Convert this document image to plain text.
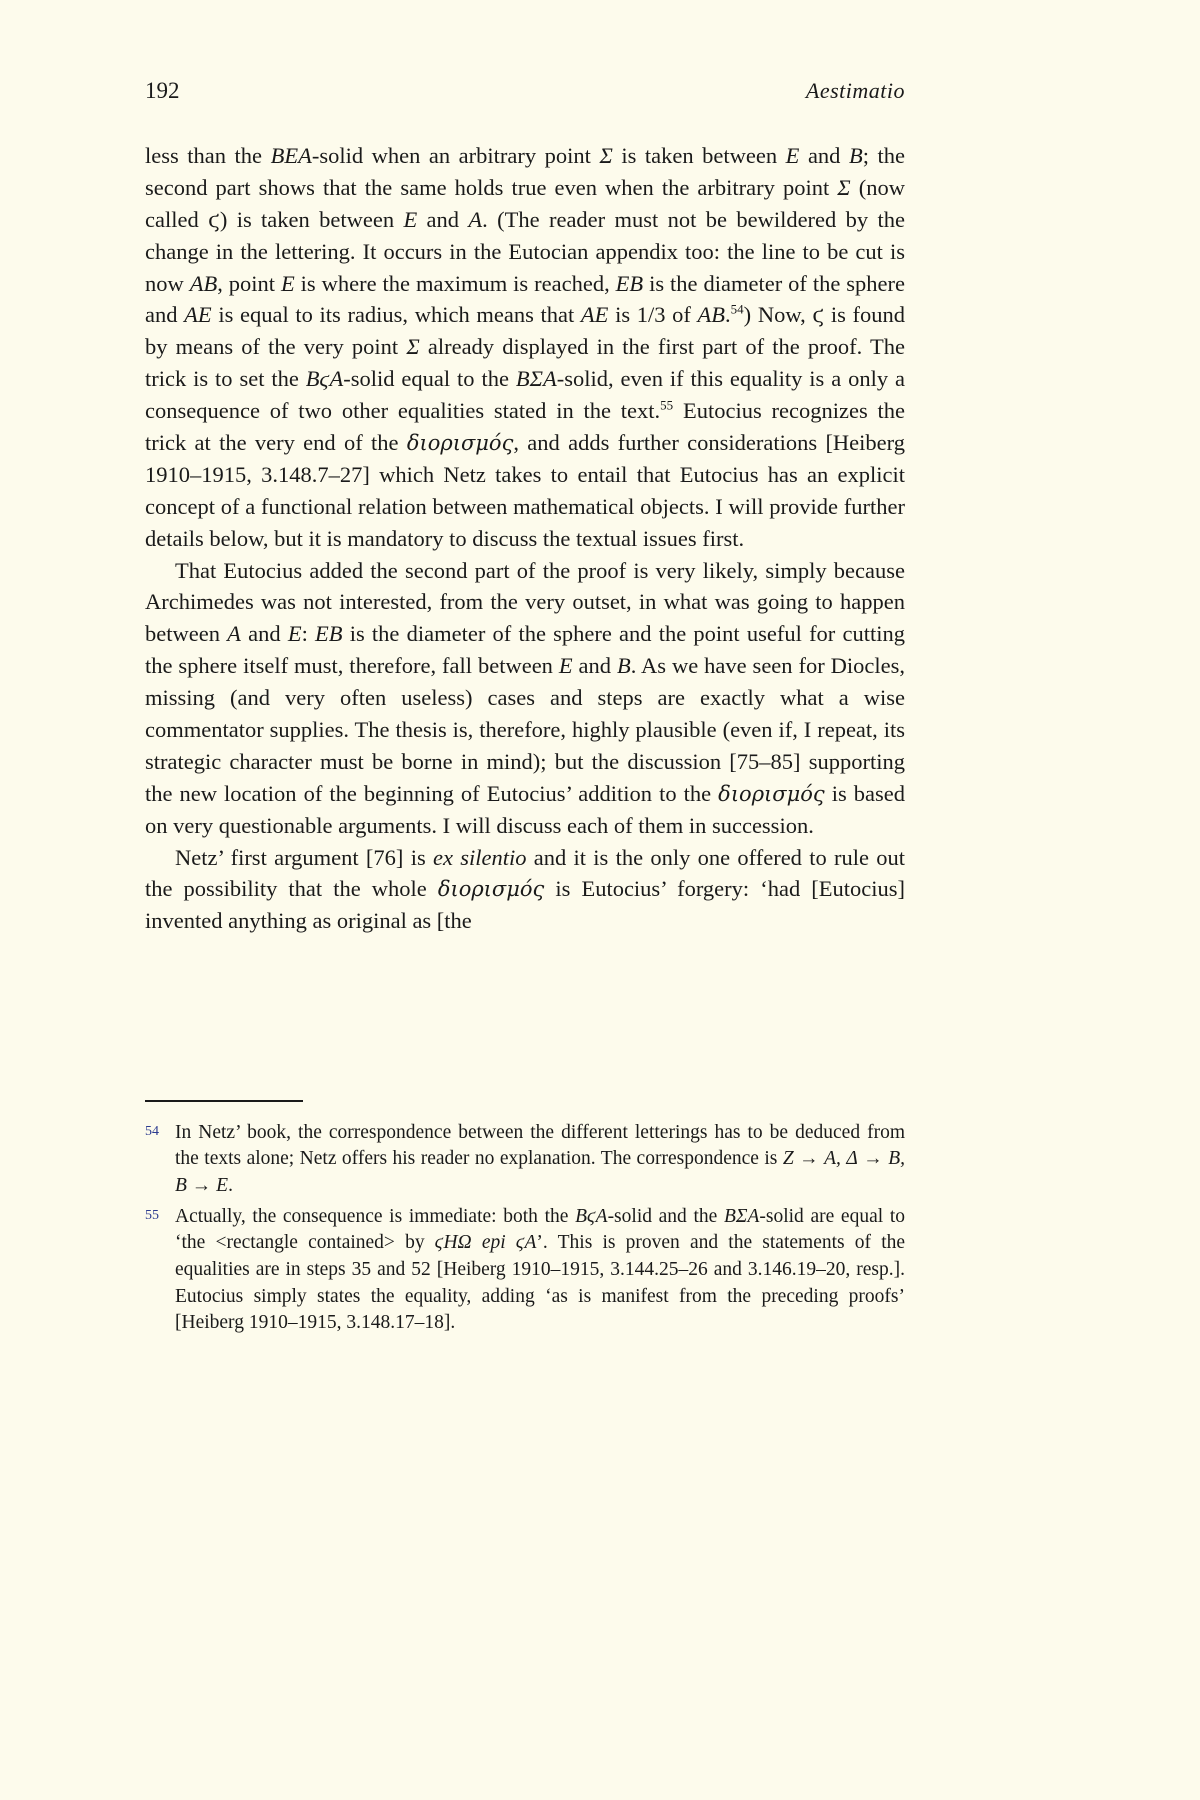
192	Aestimatio

less than the BEA-solid when an arbitrary point Σ is taken between E and B; the second part shows that the same holds true even when the arbitrary point Σ (now called ϛ) is taken between E and A. (The reader must not be bewildered by the change in the lettering. It occurs in the Eutocian appendix too: the line to be cut is now AB, point E is where the maximum is reached, EB is the diameter of the sphere and AE is equal to its radius, which means that AE is 1/3 of AB.$^{54}$) Now, ϛ is found by means of the very point Σ already displayed in the first part of the proof. The trick is to set the BϛA-solid equal to the BΣA-solid, even if this equality is a only a consequence of two other equalities stated in the text.$^{55}$ Eutocius recognizes the trick at the very end of the διορισμός, and adds further considerations [Heiberg 1910–1915, 3.148.7–27] which Netz takes to entail that Eutocius has an explicit concept of a functional relation between mathematical objects. I will provide further details below, but it is mandatory to discuss the textual issues first.

That Eutocius added the second part of the proof is very likely, simply because Archimedes was not interested, from the very outset, in what was going to happen between A and E: EB is the diameter of the sphere and the point useful for cutting the sphere itself must, therefore, fall between E and B. As we have seen for Diocles, missing (and very often useless) cases and steps are exactly what a wise commentator supplies. The thesis is, therefore, highly plausible (even if, I repeat, its strategic character must be borne in mind); but the discussion [75–85] supporting the new location of the beginning of Eutocius’ addition to the διορισμός is based on very questionable arguments. I will discuss each of them in succession.

Netz’ first argument [76] is ex silentio and it is the only one offered to rule out the possibility that the whole διορισμός is Eutocius’ forgery: ‘had [Eutocius] invented anything as original as [the

54 In Netz’ book, the correspondence between the different letterings has to be deduced from the texts alone; Netz offers his reader no explanation. The correspondence is Z → A, Δ → B, B → E.
55 Actually, the consequence is immediate: both the BϛA-solid and the BΣA-solid are equal to ‘the <rectangle contained> by ϛHΩ epi ϛA’. This is proven and the statements of the equalities are in steps 35 and 52 [Heiberg 1910–1915, 3.144.25–26 and 3.146.19–20, resp.]. Eutocius simply states the equality, adding ‘as is manifest from the preceding proofs’ [Heiberg 1910–1915, 3.148.17–18].
